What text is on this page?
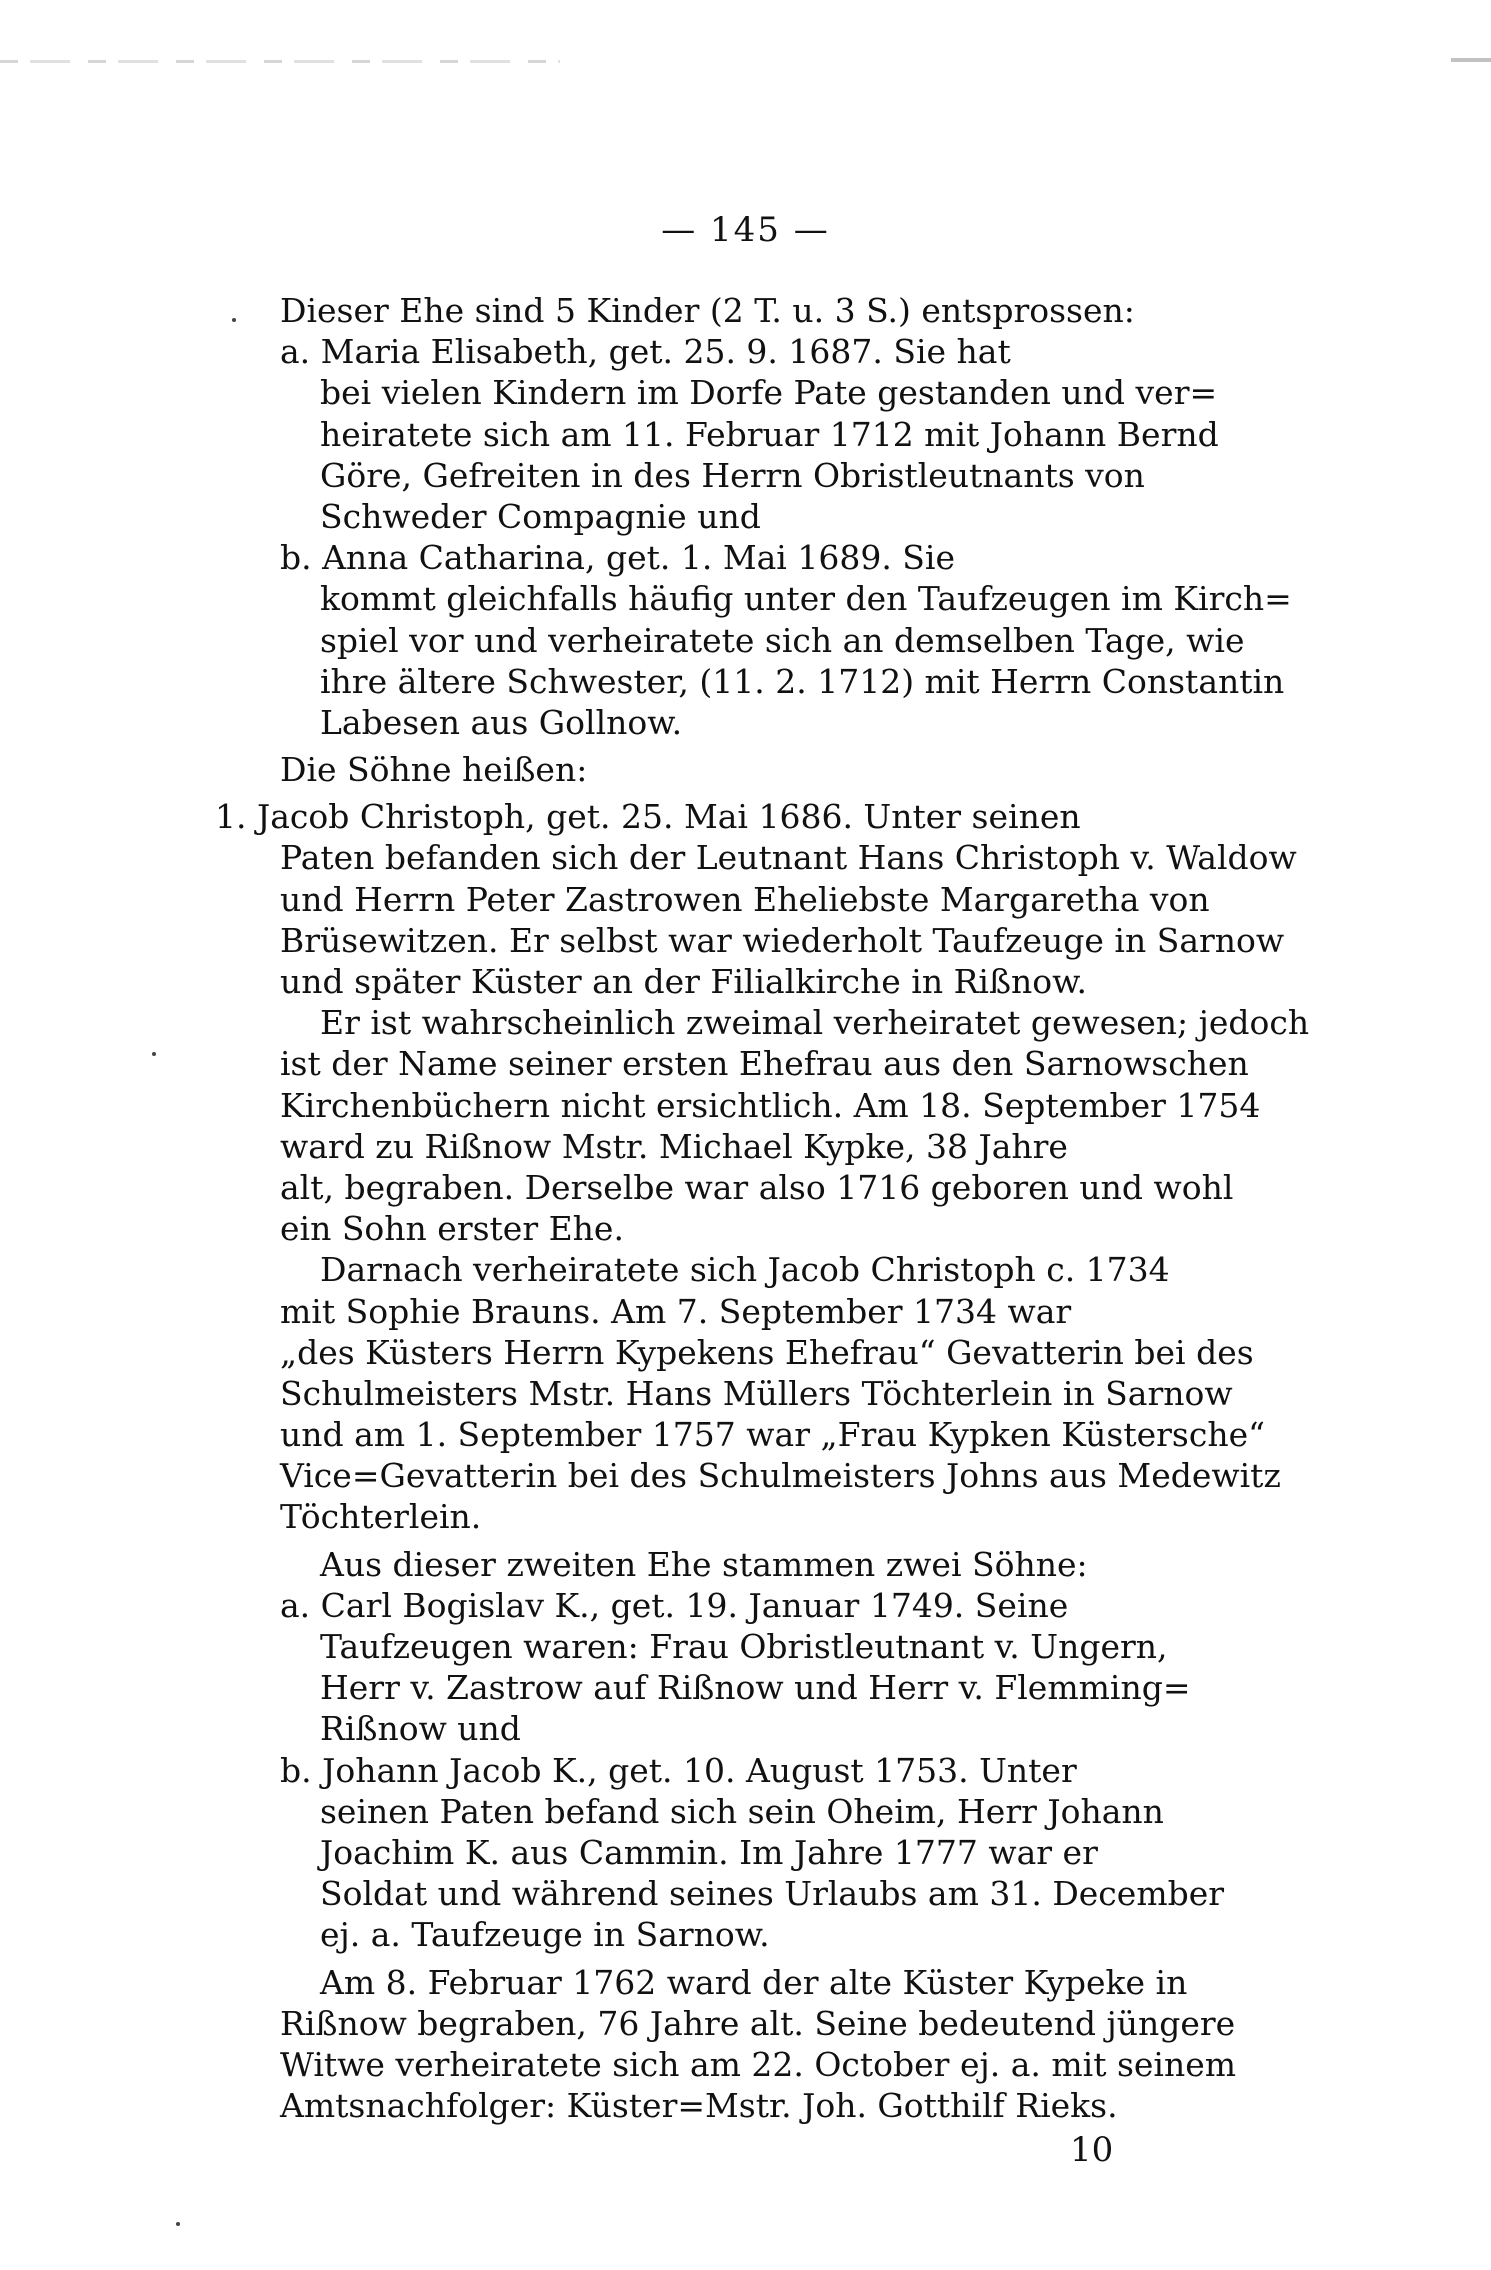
— 145 —
Dieser Ehe sind 5 Kinder (2 T. u. 3 S.) entsprossen:
a. Maria Elisabeth, get. 25. 9. 1687. Sie hat
bei vielen Kindern im Dorfe Pate gestanden und ver=
heiratete sich am 11. Februar 1712 mit Johann Bernd
Göre, Gefreiten in des Herrn Obristleutnants von
Schweder Compagnie und
b. Anna Catharina, get. 1. Mai 1689. Sie
kommt gleichfalls häufig unter den Taufzeugen im Kirch=
spiel vor und verheiratete sich an demselben Tage, wie
ihre ältere Schwester, (11. 2. 1712) mit Herrn Constantin
Labesen aus Gollnow.
Die Söhne heißen:
1. Jacob Christoph, get. 25. Mai 1686. Unter seinen
Paten befanden sich der Leutnant Hans Christoph v. Waldow
und Herrn Peter Zastrowen Eheliebste Margaretha von
Brüsewitzen. Er selbst war wiederholt Taufzeuge in Sarnow
und später Küster an der Filialkirche in Rißnow.
Er ist wahrscheinlich zweimal verheiratet gewesen; jedoch
ist der Name seiner ersten Ehefrau aus den Sarnowschen
Kirchenbüchern nicht ersichtlich. Am 18. September 1754
ward zu Rißnow Mstr. Michael Kypke, 38 Jahre
alt, begraben. Derselbe war also 1716 geboren und wohl
ein Sohn erster Ehe.
Darnach verheiratete sich Jacob Christoph c. 1734
mit Sophie Brauns. Am 7. September 1734 war
„des Küsters Herrn Kypekens Ehefrau“ Gevatterin bei des
Schulmeisters Mstr. Hans Müllers Töchterlein in Sarnow
und am 1. September 1757 war „Frau Kypken Küstersche“
Vice=Gevatterin bei des Schulmeisters Johns aus Medewitz
Töchterlein.
Aus dieser zweiten Ehe stammen zwei Söhne:
a. Carl Bogislav K., get. 19. Januar 1749. Seine
Taufzeugen waren: Frau Obristleutnant v. Ungern,
Herr v. Zastrow auf Rißnow und Herr v. Flemming=
Rißnow und
b. Johann Jacob K., get. 10. August 1753. Unter
seinen Paten befand sich sein Oheim, Herr Johann
Joachim K. aus Cammin. Im Jahre 1777 war er
Soldat und während seines Urlaubs am 31. December
ej. a. Taufzeuge in Sarnow.
Am 8. Februar 1762 ward der alte Küster Kypeke in
Rißnow begraben, 76 Jahre alt. Seine bedeutend jüngere
Witwe verheiratete sich am 22. October ej. a. mit seinem
Amtsnachfolger: Küster=Mstr. Joh. Gotthilf Rieks.
10
